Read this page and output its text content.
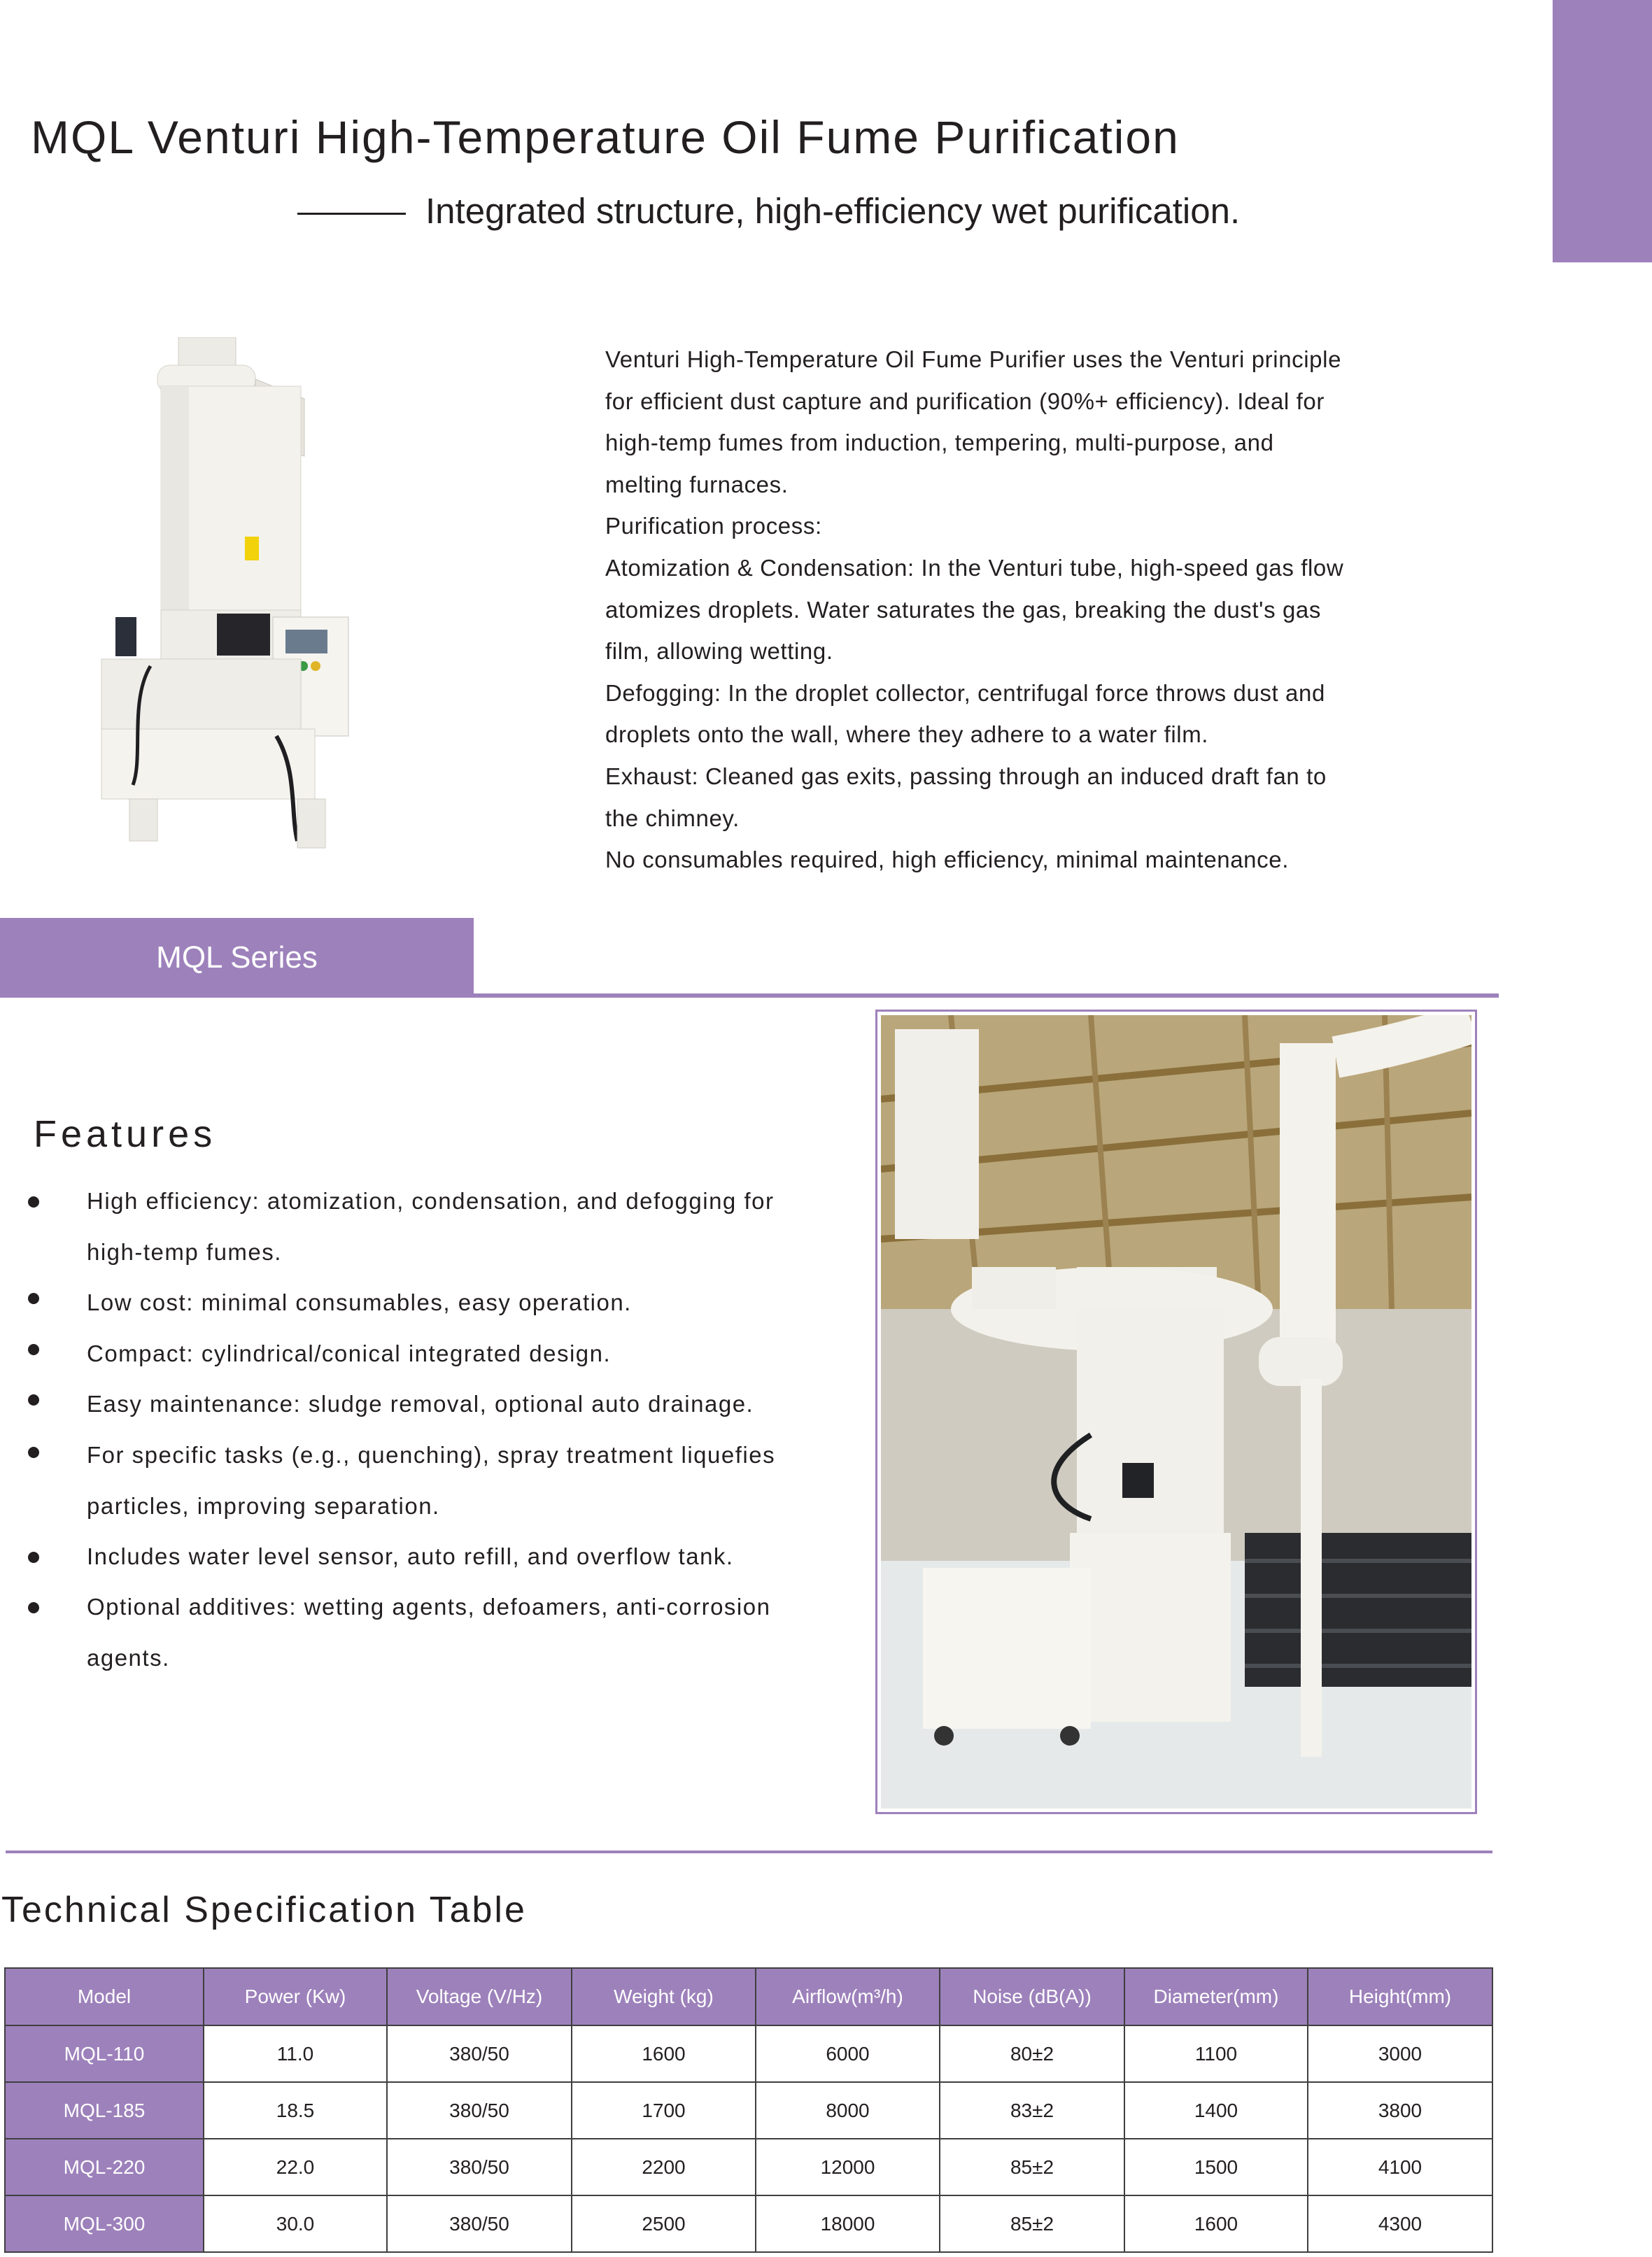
MQL Venturi High-Temperature Oil Fume Purification
Integrated structure, high-efficiency wet purification.

Venturi High-Temperature Oil Fume Purifier uses the Venturi principle

for efficient dust capture and purification (90%+ efficiency). Ideal for

high-temp fumes from induction, tempering, multi-purpose, and

melting furnaces.

Purification process:

Atomization & Condensation: In the Venturi tube, high-speed gas flow

atomizes droplets. Water saturates the gas, breaking the dust's gas

film, allowing wetting.

Defogging: In the droplet collector, centrifugal force throws dust and

droplets onto the wall, where they adhere to a water film.

Exhaust: Cleaned gas exits, passing through an induced draft fan to

the chimney.

No consumables required, high efficiency, minimal maintenance.

MQL Series
Features
High efficiency: atomization, condensation, and defogging for
high-temp fumes.
Low cost: minimal consumables, easy operation.
Compact: cylindrical/conical integrated design.
Easy maintenance: sludge removal, optional auto drainage.
For specific tasks (e.g., quenching), spray treatment liquefies
particles, improving separation.
Includes water level sensor, auto refill, and overflow tank.
Optional additives: wetting agents, defoamers, anti-corrosion
agents.
Technical Specification Table
Model	Power (Kw)	Voltage (V/Hz)	Weight (kg)	Airflow(m³/h)	Noise (dB(A))	Diameter(mm)	Height(mm)
MQL-110	11.0	380/50	1600	6000	80±2	1100	3000
MQL-185	18.5	380/50	1700	8000	83±2	1400	3800
MQL-220	22.0	380/50	2200	12000	85±2	1500	4100
MQL-300	30.0	380/50	2500	18000	85±2	1600	4300
